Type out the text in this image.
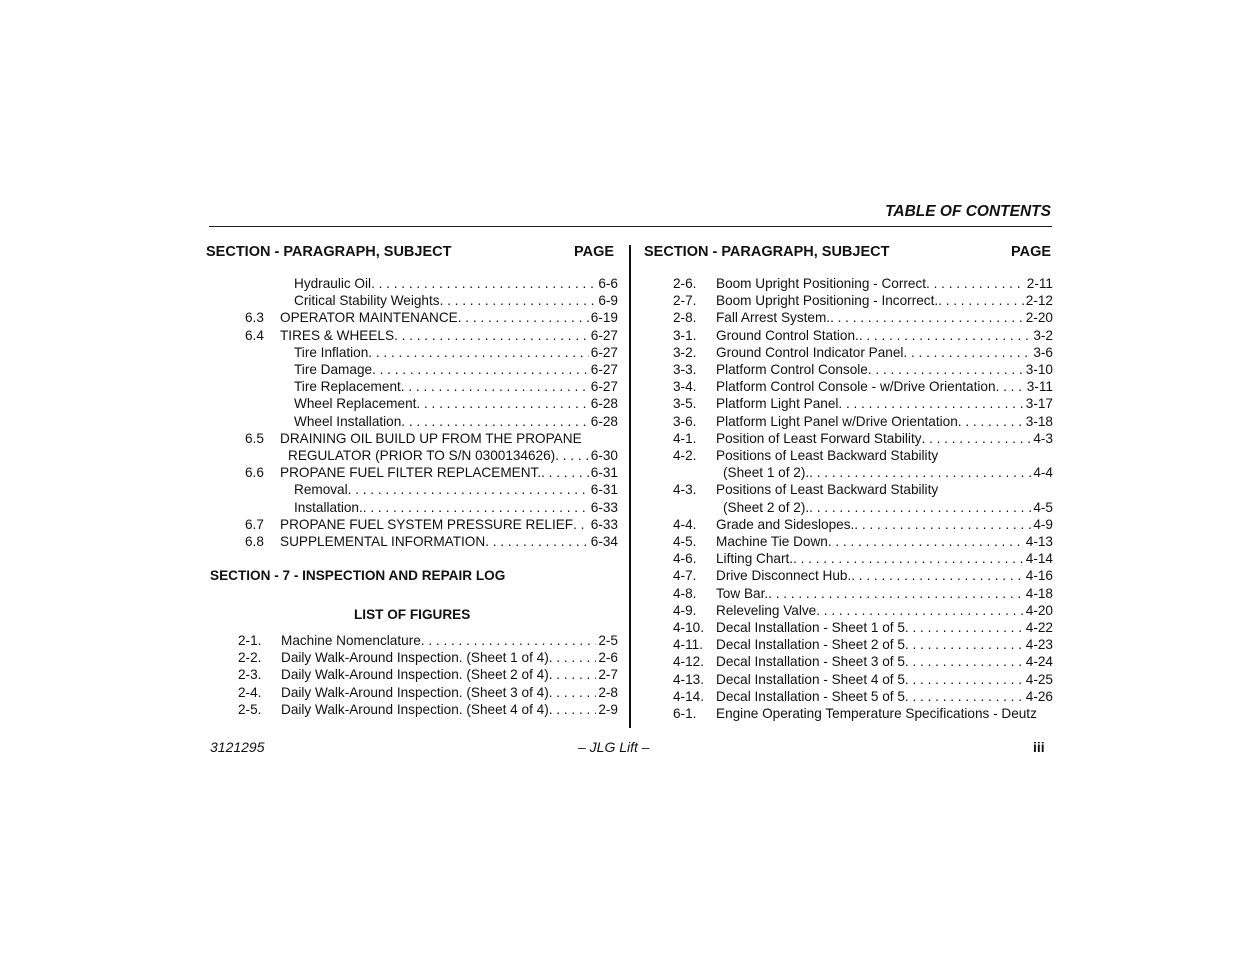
TABLE OF CONTENTS
SECTION - PARAGRAPH, SUBJECT	PAGE SECTION - PARAGRAPH, SUBJECT	PAGE
Hydraulic Oil . . .	6-6
Critical Stability Weights . . .	6-9
6.3	OPERATOR MAINTENANCE . . .	6-19
6.4	TIRES & WHEELS . . .	6-27
Tire Inflation . . .	6-27
Tire Damage . . .	6-27
Tire Replacement . . .	6-27
Wheel Replacement . . .	6-28
Wheel Installation . . .	6-28
6.5	DRAINING OIL BUILD UP FROM THE PROPANE
REGULATOR (PRIOR TO S/N 0300134626) . . .	6-30
6.6	PROPANE FUEL FILTER REPLACEMENT. . . .	6-31
Removal . . .	6-31
Installation. . . .	6-33
6.7	PROPANE FUEL SYSTEM PRESSURE RELIEF . . . 6-33
6.8	SUPPLEMENTAL INFORMATION . . .	6-34
SECTION - 7 - INSPECTION AND REPAIR LOG
LIST OF FIGURES
2-1.	Machine Nomenclature . . .	2-5
2-2.	Daily Walk-Around Inspection. (Sheet 1 of 4) . . .	2-6
2-3.	Daily Walk-Around Inspection. (Sheet 2 of 4) . . .	2-7
2-4.	Daily Walk-Around Inspection. (Sheet 3 of 4) . . .	2-8
2-5.	Daily Walk-Around Inspection. (Sheet 4 of 4) . . .	2-9
2-6.	Boom Upright Positioning - Correct . . .	2-11
2-7.	Boom Upright Positioning - Incorrect. . . .	2-12
2-8.	Fall Arrest System. . . .	2-20
3-1.	Ground Control Station. . . .	3-2
3-2.	Ground Control Indicator Panel . . .	3-6
3-3.	Platform Control Console . . .	3-10
3-4.	Platform Control Console - w/Drive Orientation . . . 3-11
3-5.	Platform Light Panel . . .	3-17
3-6.	Platform Light Panel w/Drive Orientation . . .	3-18
4-1.	Position of Least Forward Stability . . .	4-3
4-2.	Positions of Least Backward Stability
(Sheet 1 of 2). . . .	4-4
4-3.	Positions of Least Backward Stability
(Sheet 2 of 2). . . .	4-5
4-4.	Grade and Sideslopes. . . .	4-9
4-5.	Machine Tie Down . . .	4-13
4-6.	Lifting Chart. . . .	4-14
4-7.	Drive Disconnect Hub. . . .	4-16
4-8.	Tow Bar. . . .	4-18
4-9.	Releveling Valve . . .	4-20
4-10. Decal Installation - Sheet 1 of 5 . . .	4-22
4-11. Decal Installation - Sheet 2 of 5 . . .	4-23
4-12. Decal Installation - Sheet 3 of 5 . . .	4-24
4-13. Decal Installation - Sheet 4 of 5 . . .	4-25
4-14. Decal Installation - Sheet 5 of 5 . . .	4-26
6-1.	Engine Operating Temperature Specifications - Deutz
3121295	– JLG Lift –	iii
